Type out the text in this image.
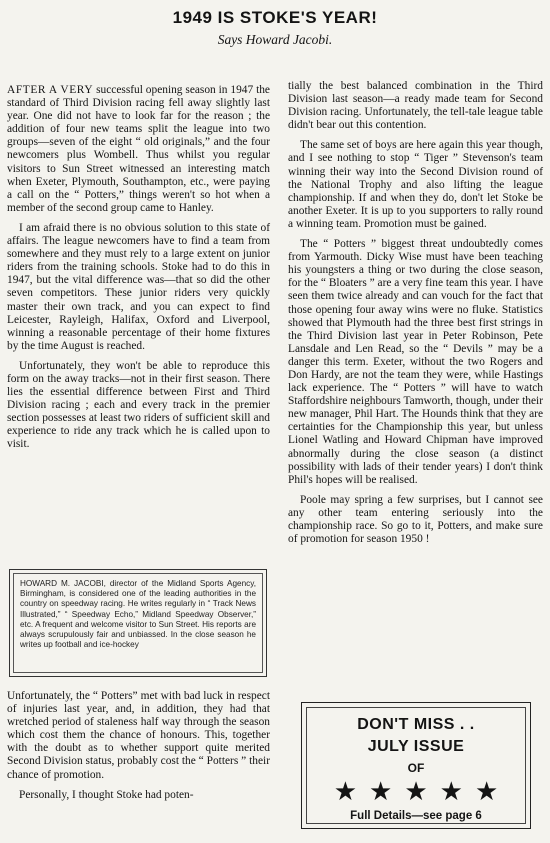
1949 IS STOKE'S YEAR!
Says Howard Jacobi.

AFTER A VERY successful opening season in 1947 the standard of Third Division racing fell away slightly last year. One did not have to look far for the reason ; the addition of four new teams split the league into two groups—seven of the eight “ old originals,” and the four newcomers plus Wombell. Thus whilst you regular visitors to Sun Street witnessed an interesting match when Exeter, Plymouth, Southampton, etc., were paying a call on the “ Potters,” things weren't so hot when a member of the second group came to Hanley.

I am afraid there is no obvious solution to this state of affairs. The league newcomers have to find a team from somewhere and they must rely to a large extent on junior riders from the training schools. Stoke had to do this in 1947, but the vital difference was—that so did the other seven competitors. These junior riders very quickly master their own track, and you can expect to find Leicester, Rayleigh, Halifax, Oxford and Liverpool, winning a reasonable percentage of their home fixtures by the time August is reached.

Unfortunately, they won't be able to reproduce this form on the away tracks—not in their first season. There lies the essential difference between First and Third Division racing ; each and every track in the premier section possesses at least two riders of sufficient skill and experience to ride any track which he is called upon to visit.

HOWARD M. JACOBI, director of the Midland Sports Agency, Birmingham, is considered one of the leading authorities in the country on speedway racing. He writes regularly in “ Track News Illustrated,” “ Speedway Echo,” Midland Speedway Observer,” etc. A frequent and welcome visitor to Sun Street. His reports are always scrupulously fair and unbiassed. In the close season he writes up football and ice-hockey

Unfortunately, the “ Potters” met with bad luck in respect of injuries last year, and, in addition, they had that wretched period of staleness half way through the season which cost them the chance of honours. This, together with the doubt as to whether support quite merited Second Division status, probably cost the “ Potters ” their chance of promotion.

Personally, I thought Stoke had poten-

tially the best balanced combination in the Third Division last season—a ready made team for Second Division racing. Unfortunately, the tell-tale league table didn't bear out this contention.

The same set of boys are here again this year though, and I see nothing to stop “ Tiger ” Stevenson's team winning their way into the Second Division round of the National Trophy and also lifting the league championship. If and when they do, don't let Stoke be another Exeter. It is up to you supporters to rally round a winning team. Promotion must be gained.

The “ Potters ” biggest threat undoubtedly comes from Yarmouth. Dicky Wise must have been teaching his youngsters a thing or two during the close season, for the “ Bloaters ” are a very fine team this year. I have seen them twice already and can vouch for the fact that those opening four away wins were no fluke. Statistics showed that Plymouth had the three best first strings in the Third Division last year in Peter Robinson, Pete Lansdale and Len Read, so the “ Devils ” may be a danger this term. Exeter, without the two Rogers and Don Hardy, are not the team they were, while Hastings lack experience. The “ Potters ” will have to watch Staffordshire neighbours Tamworth, though, under their new manager, Phil Hart. The Hounds think that they are certainties for the Championship this year, but unless Lionel Watling and Howard Chipman have improved abnormally during the close season (a distinct possibility with lads of their tender years) I don't think Phil's hopes will be realised.

Poole may spring a few surprises, but I cannot see any other team entering seriously into the championship race. So go to it, Potters, and make sure of promotion for season 1950 !

DON'T MISS . .
JULY ISSUE
OF
★★★★★
Full Details—see page 6
